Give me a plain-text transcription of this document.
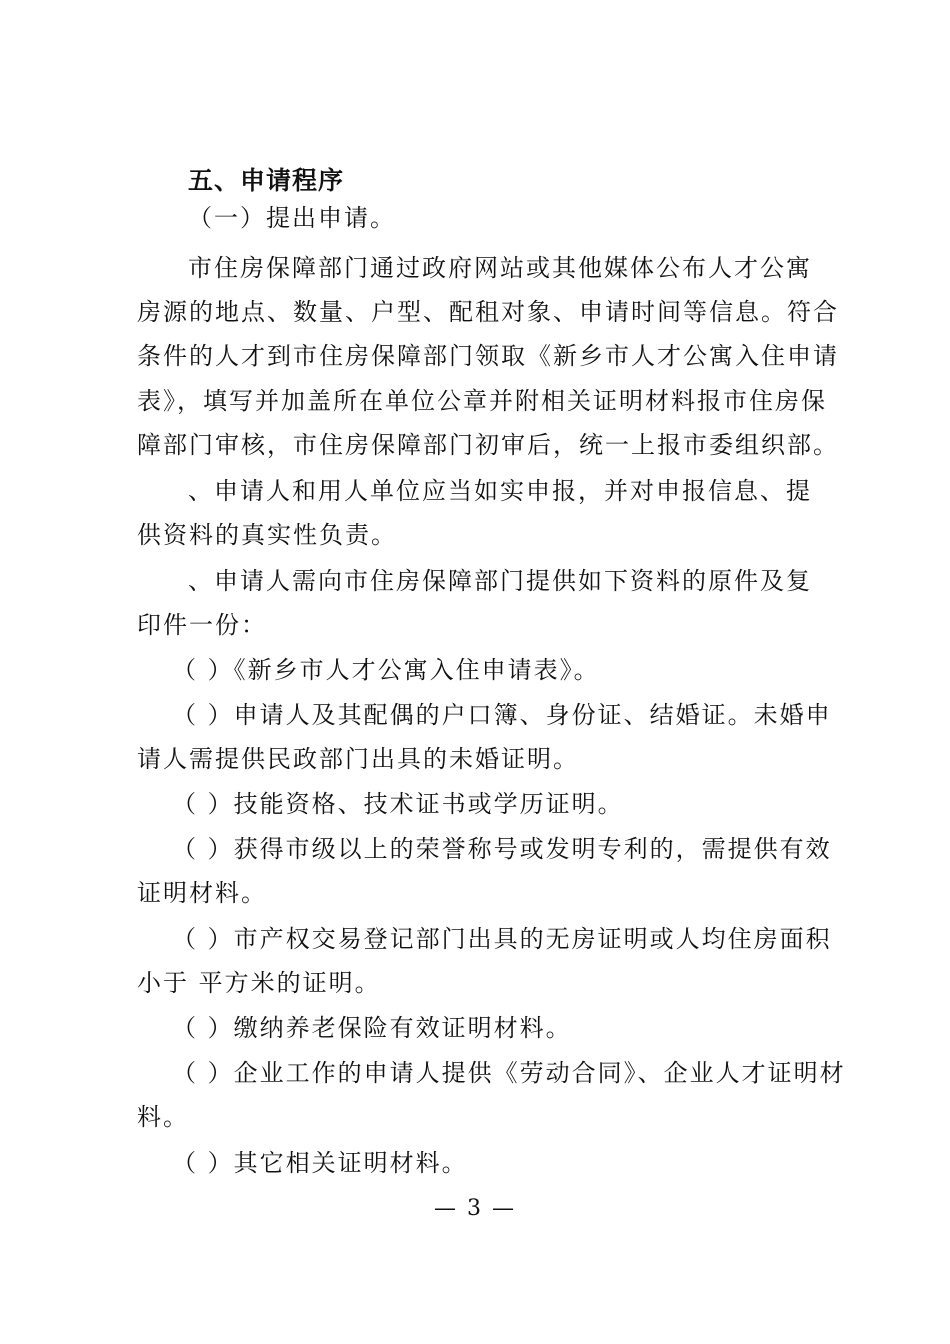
五、申请程序
（一）提出申请。
市住房保障部门通过政府网站或其他媒体公布人才公寓
房源的地点、数量、户型、配租对象、申请时间等信息。符合
条件的人才到市住房保障部门领取《新乡市人才公寓入住申请
表》，填写并加盖所在单位公章并附相关证明材料报市住房保
障部门审核，市住房保障部门初审后，统一上报市委组织部。
、申请人和用人单位应当如实申报，并对申报信息、提
供资料的真实性负责。
、申请人需向市住房保障部门提供如下资料的原件及复
印件一份：
（ ）《新乡市人才公寓入住申请表》。
（ ）申请人及其配偶的户口簿、身份证、结婚证。未婚申
请人需提供民政部门出具的未婚证明。
（ ）技能资格、技术证书或学历证明。
（ ）获得市级以上的荣誉称号或发明专利的，需提供有效
证明材料。
（ ）市产权交易登记部门出具的无房证明或人均住房面积
小于 平方米的证明。
（ ）缴纳养老保险有效证明材料。
（ ）企业工作的申请人提供《劳动合同》、企业人才证明材
料。
（ ）其它相关证明材料。
— 3 —
